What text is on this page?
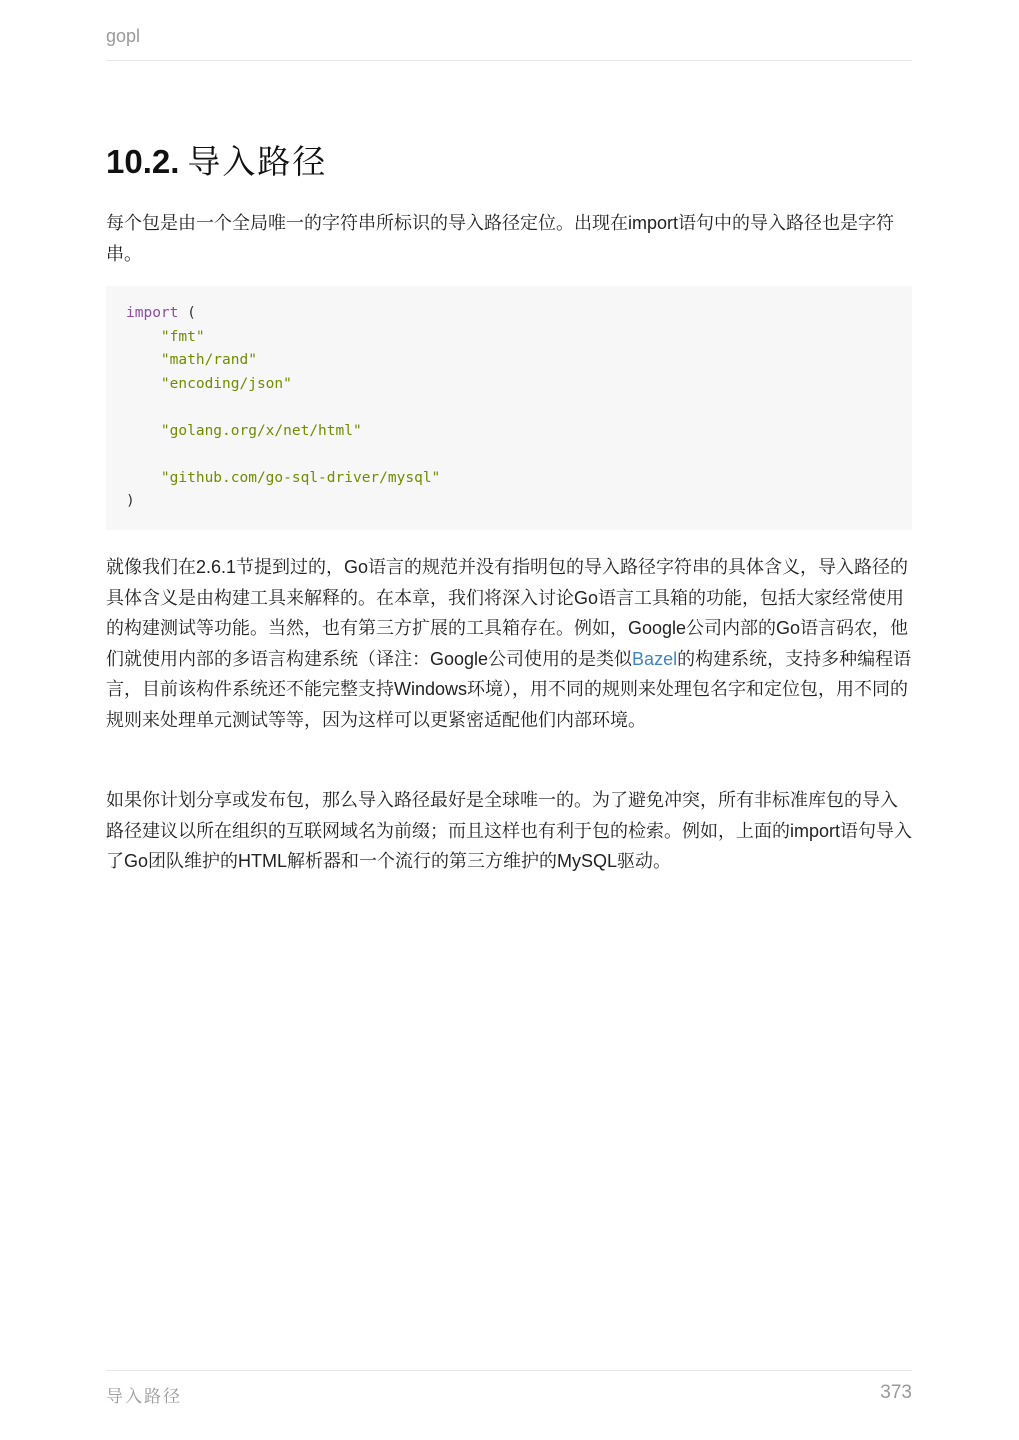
gopl
10.2. 导入路径

每个包是由一个全局唯一的字符串所标识的导入路径定位。出现在import语句中的导入路径也是字符串。

import (
"fmt"
"math/rand"
"encoding/json"

"golang.org/x/net/html"

"github.com/go-sql-driver/mysql"
)

就像我们在2.6.1节提到过的，Go语言的规范并没有指明包的导入路径字符串的具体含义，导入路径的具体含义是由构建工具来解释的。在本章，我们将深入讨论Go语言工具箱的功能，包括大家经常使用的构建测试等功能。当然，也有第三方扩展的工具箱存在。例如，Google公司内部的Go语言码农，他们就使用内部的多语言构建系统（译注：Google公司使用的是类似Bazel的构建系统，支持多种编程语言，目前该构件系统还不能完整支持Windows环境），用不同的规则来处理包名字和定位包，用不同的规则来处理单元测试等等，因为这样可以更紧密适配他们内部环境。

如果你计划分享或发布包，那么导入路径最好是全球唯一的。为了避免冲突，所有非标准库包的导入路径建议以所在组织的互联网域名为前缀；而且这样也有利于包的检索。例如，上面的import语句导入了Go团队维护的HTML解析器和一个流行的第三方维护的MySQL驱动。

导入路径	373
